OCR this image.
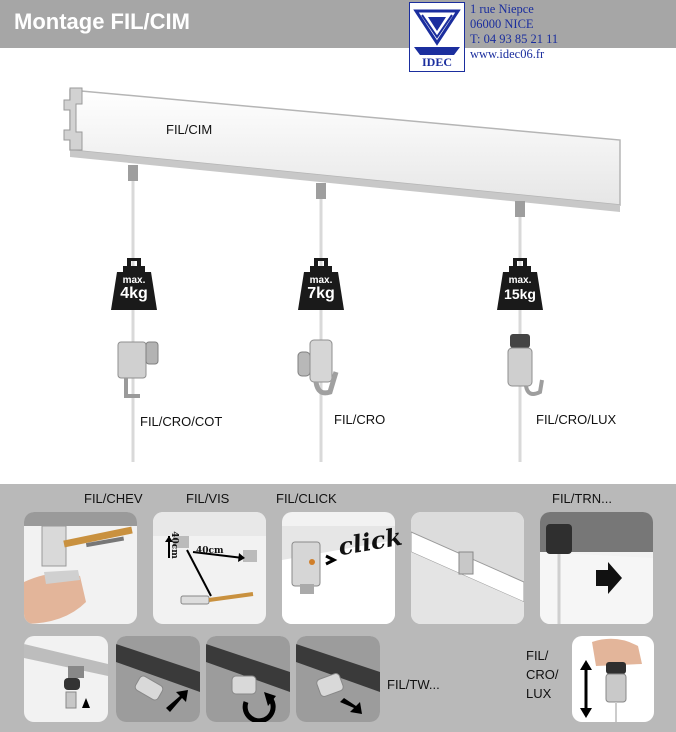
Montage FIL/CIM
IDEC
1 rue Niepce
06000 NICE
T: 04 93 85 21 11
www.idec06.fr
FIL/CIM
max.
4kg
max.
7kg
max.
15kg
FIL/CRO/COT	FIL/CRO	FIL/CRO/LUX
FIL/CHEV	FIL/VIS	FIL/CLICK	FIL/TRN...
40cm 40cm	click
FIL/TW...
FIL/
CRO/
LUX
